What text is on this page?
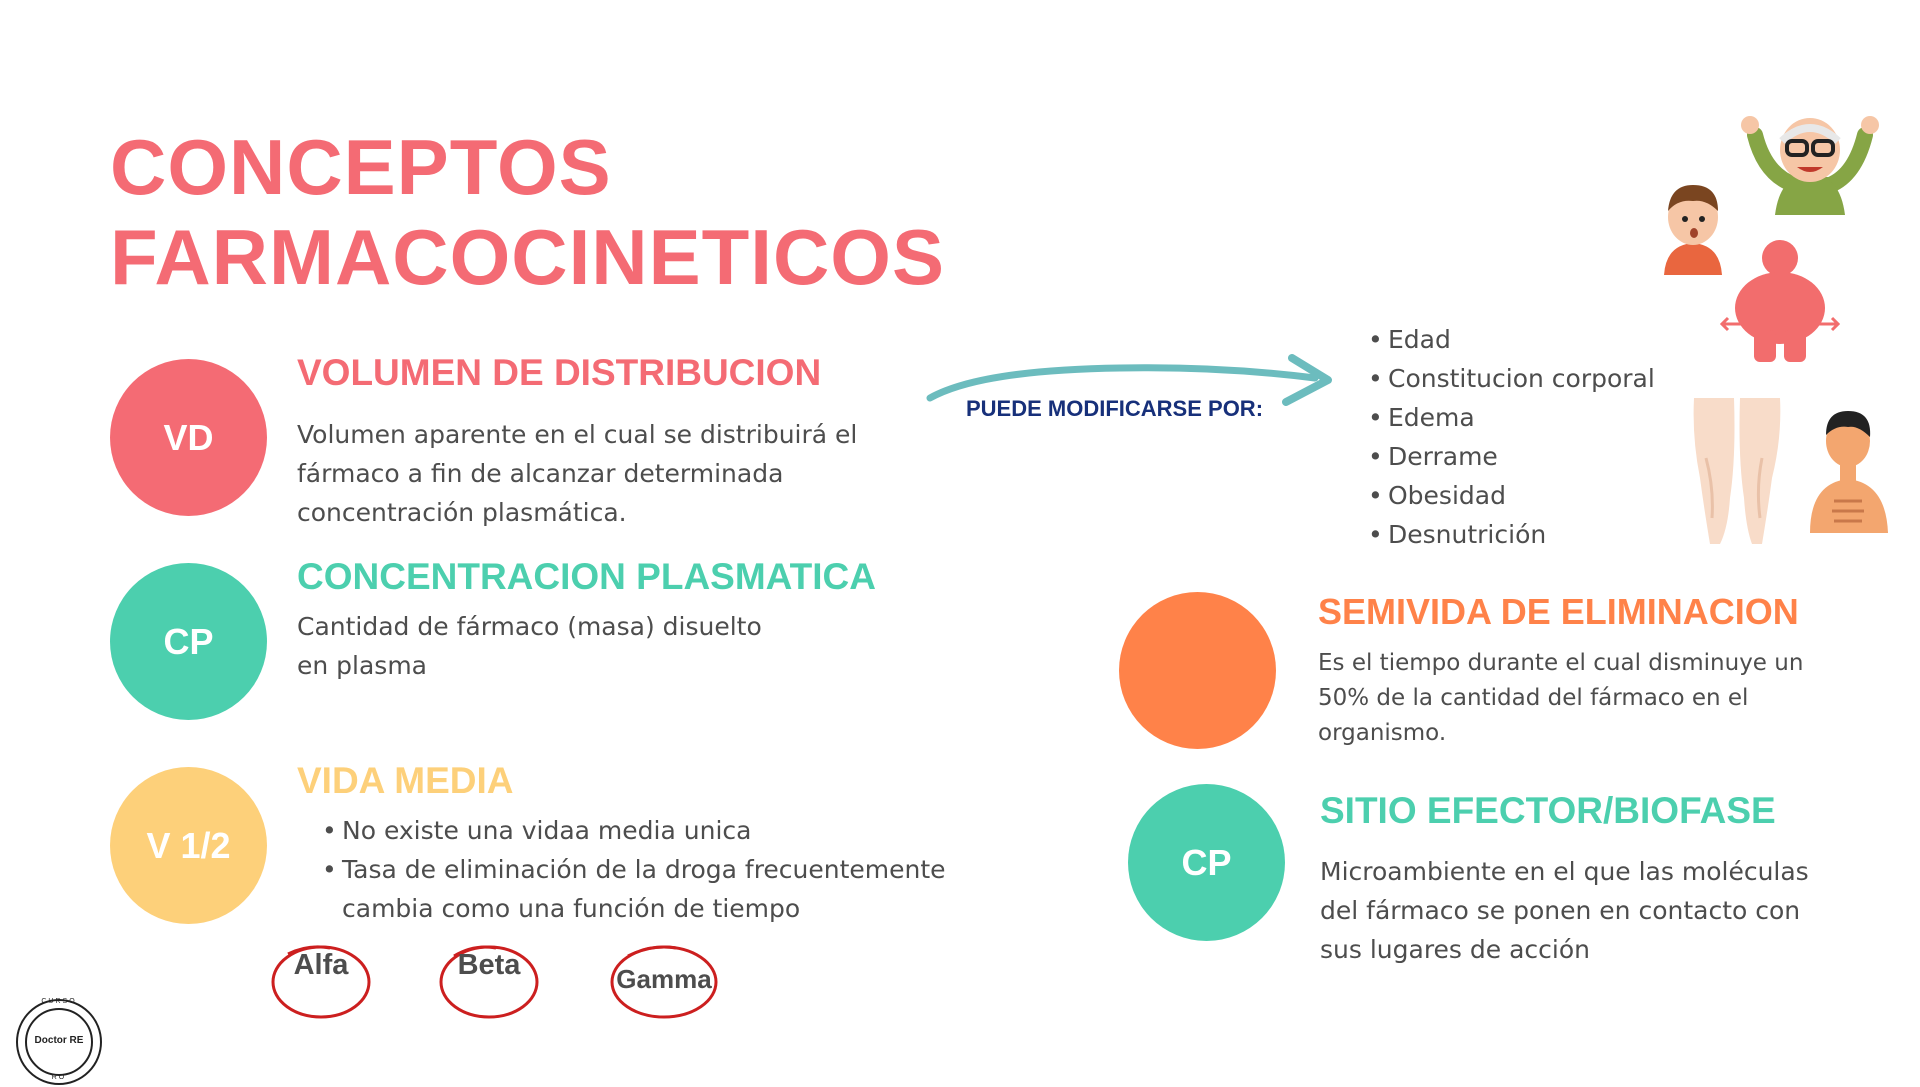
CONCEPTOS
FARMACOCINETICOS
VD
VOLUMEN DE DISTRIBUCION

Volumen aparente en el cual se distribuirá el fármaco a fin de alcanzar determinada concentración plasmática.

CP
CONCENTRACION PLASMATICA

Cantidad de fármaco (masa) disuelto en plasma

V 1/2
VIDA MEDIA
• No existe una vidaa media unica
• Tasa de eliminación de la droga frecuentemente cambia como una función de tiempo
Alfa	Beta	Gamma
PUEDE MODIFICARSE POR:
• Edad
• Constitucion corporal
• Edema
• Derrame
• Obesidad
• Desnutrición
SEMIVIDA DE ELIMINACION

Es el tiempo durante el cual disminuye un 50% de la cantidad del fármaco en el organismo.

CP
SITIO EFECTOR/BIOFASE

Microambiente en el que las moléculas del fármaco se ponen en contacto con sus lugares de acción

CURSO
Doctor RE
RO
